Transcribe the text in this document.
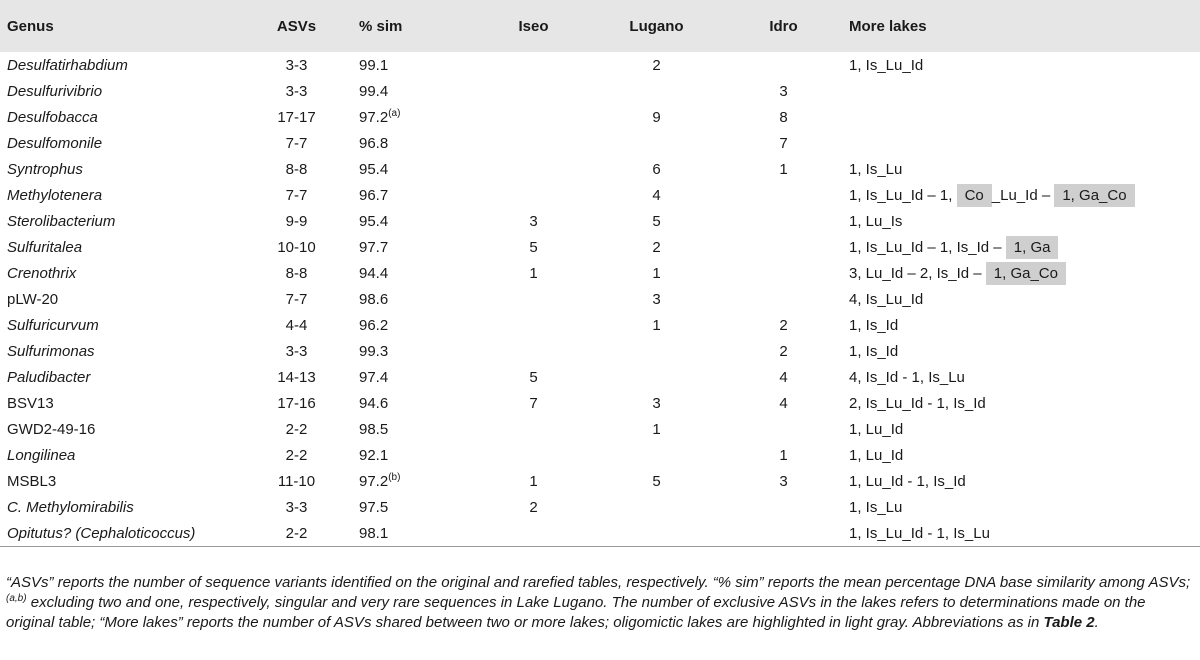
Genus	ASVs	% sim	Iseo	Lugano	Idro	More lakes
Desulfatirhabdium	3-3	99.1		2		1, Is_Lu_Id
Desulfurivibrio	3-3	99.4			3	
Desulfobacca	17-17	97.2$^{(a)}$		9	8	
Desulfomonile	7-7	96.8			7	
Syntrophus	8-8	95.4		6	1	1, Is_Lu
Methylotenera	7-7	96.7		4		1, Is_Lu_Id – 1, Co _Lu_Id – 1, Ga_Co
Sterolibacterium	9-9	95.4	3	5		1, Lu_Is
Sulfuritalea	10-10	97.7	5	2		1, Is_Lu_Id – 1, Is_Id – 1, Ga
Crenothrix	8-8	94.4	1	1		3, Lu_Id – 2, Is_Id – 1, Ga_Co
pLW-20	7-7	98.6		3		4, Is_Lu_Id
Sulfuricurvum	4-4	96.2		1	2	1, Is_Id
Sulfurimonas	3-3	99.3			2	1, Is_Id
Paludibacter	14-13	97.4	5		4	4, Is_Id - 1, Is_Lu
BSV13	17-16	94.6	7	3	4	2, Is_Lu_Id - 1, Is_Id
GWD2-49-16	2-2	98.5		1		1, Lu_Id
Longilinea	2-2	92.1			1	1, Lu_Id
MSBL3	11-10	97.2$^{(b)}$	1	5	3	1, Lu_Id - 1, Is_Id
C. Methylomirabilis	3-3	97.5	2			1, Is_Lu
Opitutus? (Cephaloticoccus)	2-2	98.1				1, Is_Lu_Id - 1, Is_Lu
“ASVs” reports the number of sequence variants identified on the original and rarefied tables, respectively. “% sim” reports the mean percentage DNA base similarity among ASVs; $^{(a,b)}$ excluding two and one, respectively, singular and very rare sequences in Lake Lugano. The number of exclusive ASVs in the lakes refers to determinations made on the original table; “More lakes” reports the number of ASVs shared between two or more lakes; oligomictic lakes are highlighted in light gray. Abbreviations as in Table 2.
